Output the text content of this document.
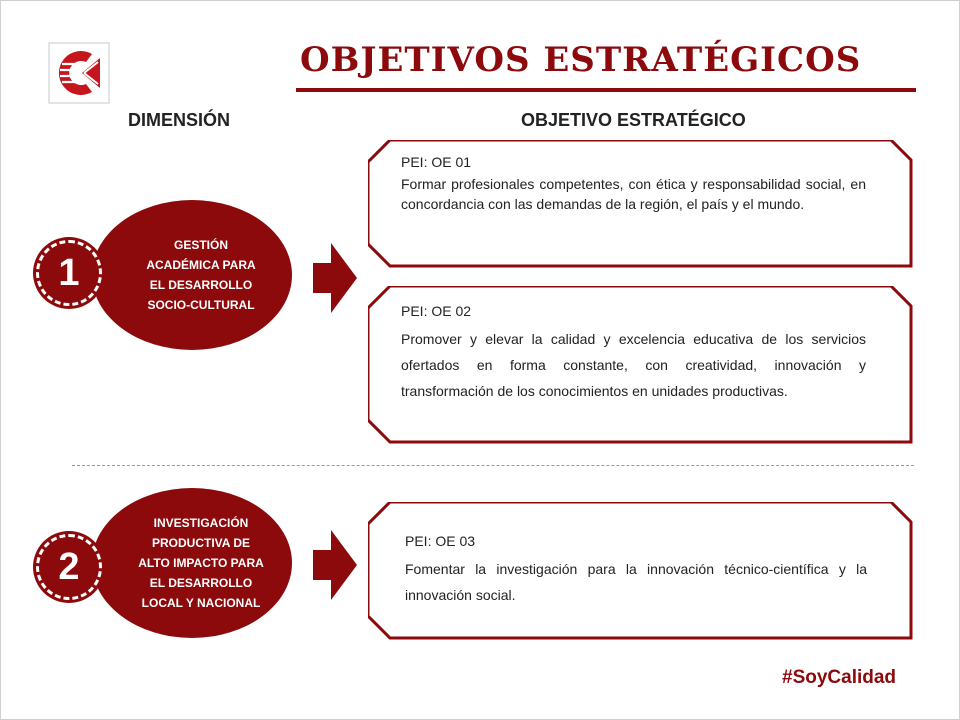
OBJETIVOS ESTRATÉGICOS
DIMENSIÓN	OBJETIVO ESTRATÉGICO
GESTIÓN ACADÉMICA PARA EL DESARROLLO SOCIO-CULTURAL
1

PEI: OE 01

Formar profesionales competentes, con ética y responsabilidad social, en concordancia con las demandas de la región, el país y el mundo.

PEI: OE 02

Promover y elevar la calidad y excelencia educativa de los servicios ofertados en forma constante, con creatividad, innovación y transformación de los conocimientos en unidades productivas.

INVESTIGACIÓN PRODUCTIVA DE ALTO IMPACTO PARA EL DESARROLLO LOCAL Y NACIONAL
2

PEI: OE 03

Fomentar la investigación para la innovación técnico-científica y la innovación social.

#SoyCalidad
